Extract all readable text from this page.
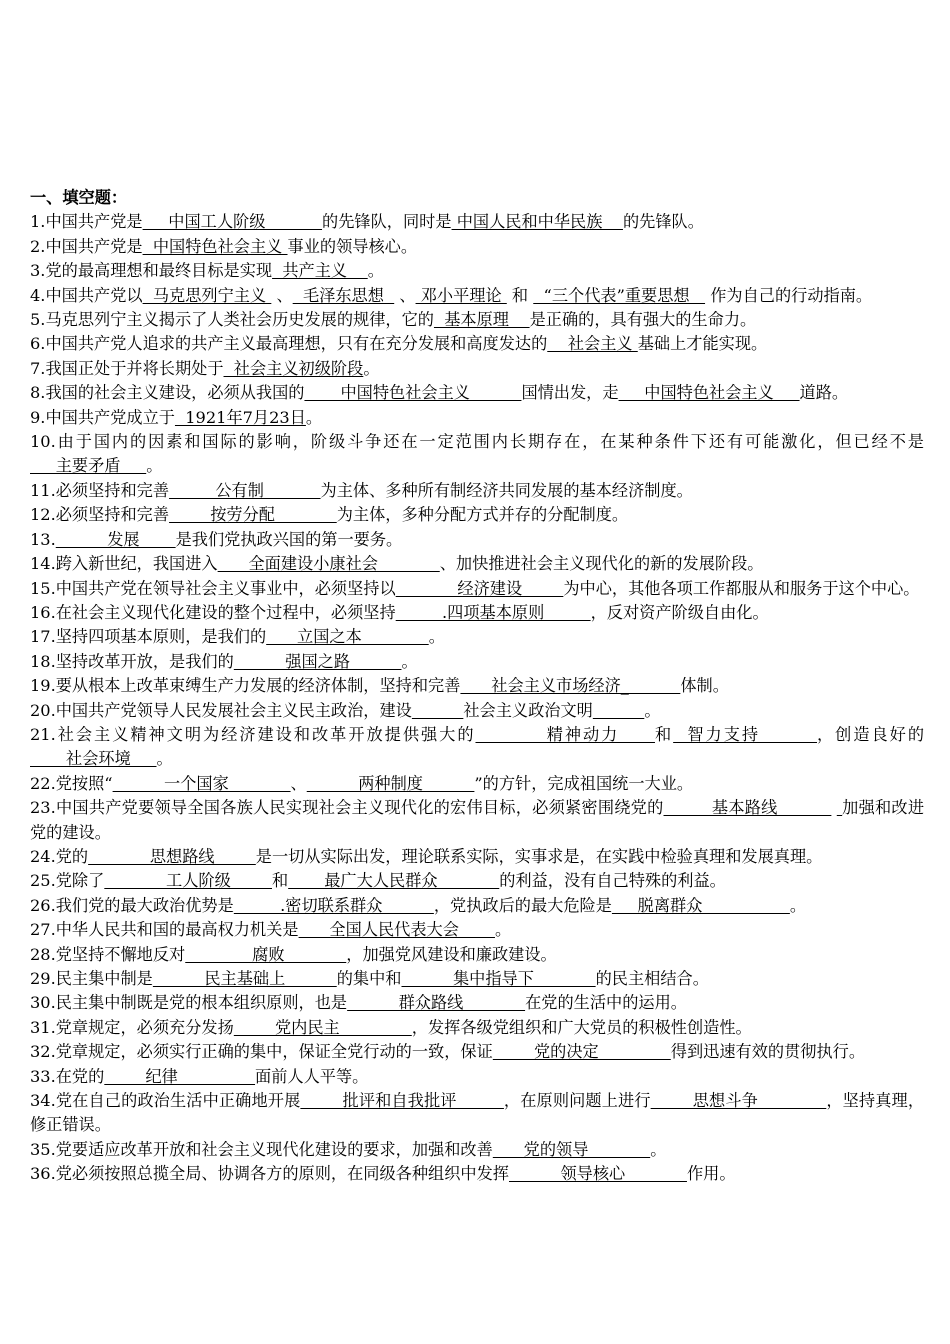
一、填空题：

1.中国共产党是     中国工人阶级           的先锋队，同时是 中国人民和中华民族    的先锋队。

2.中国共产党是  中国特色社会主义 事业的领导核心。

3.党的最高理想和最终目标是实现  共产主义    。

4.中国共产党以  马克思列宁主义  、  毛泽东思想   、 邓小平理论  和   “三个代表”重要思想    作为自己的行动指南。

5.马克思列宁主义揭示了人类社会历史发展的规律，它的  基本原理    是正确的，具有强大的生命力。

6.中国共产党人追求的共产主义最高理想，只有在充分发展和高度发达的    社会主义 基础上才能实现。

7.我国正处于并将长期处于  社会主义初级阶段。

8.我国的社会主义建设，必须从我国的       中国特色社会主义          国情出发，走     中国特色社会主义     道路。

9.中国共产党成立于  1921年7月23日。

10.由于国内的因素和国际的影响，阶级斗争还在一定范围内长期存在，在某种条件下还有可能激化，但已经不是     主要矛盾     。

11.必须坚持和完善         公有制           为主体、多种所有制经济共同发展的基本经济制度。

12.必须坚持和完善        按劳分配            为主体，多种分配方式并存的分配制度。

13.          发展       是我们党执政兴国的第一要务。

14.跨入新世纪，我国进入      全面建设小康社会            、加快推进社会主义现代化的新的发展阶段。

15.中国共产党在领导社会主义事业中，必须坚持以            经济建设        为中心，其他各项工作都服从和服务于这个中心。

16.在社会主义现代化建设的整个过程中，必须坚持         .四项基本原则         ，反对资产阶级自由化。

17.坚持四项基本原则，是我们的      立国之本             。

18.坚持改革开放，是我们的          强国之路          。

19.要从根本上改革束缚生产力发展的经济体制，坚持和完善      社会主义市场经济_          体制。

20.中国共产党领导人民发展社会主义民主政治，建设	社会主义政治文明	。

21.社会主义精神文明为经济建设和改革开放提供强大的          精神动力     和  智力支持        ，创造良好的       社会环境     。

22.党按照“          一个国家            、          两种制度          ”的方针，完成祖国统一大业。

23.中国共产党要领导全国各族人民实现社会主义现代化的宏伟目标，必须紧密围绕党的         基本路线            加强和改进党的建设。

24.党的            思想路线        是一切从实际出发，理论联系实际，实事求是，在实践中检验真理和发展真理。

25.党除了            工人阶级        和       最广大人民群众            的利益，没有自己特殊的利益。

26.我们党的最大政治优势是         .密切联系群众          ，党执政后的最大危险是     脱离群众                 。

27.中华人民共和国的最高权力机关是      全国人民代表大会       。

28.党坚持不懈地反对             腐败            ，加强党风建设和廉政建设。

29.民主集中制是          民主基础上          的集中和          集中指导下            的民主相结合。

30.民主集中制既是党的根本组织原则，也是          群众路线            在党的生活中的运用。

31.党章规定，必须充分发扬        党内民主              ，发挥各级党组织和广大党员的积极性创造性。

32.党章规定，必须实行正确的集中，保证全党行动的一致，保证        党的决定              得到迅速有效的贯彻执行。

33.在党的        纪律               面前人人平等。

34.党在自己的政治生活中正确地开展        批评和自我批评         ，在原则问题上进行        思想斗争             ，坚持真理，修正错误。

35.党要适应改革开放和社会主义现代化建设的要求，加强和改善      党的领导            。

36.党必须按照总揽全局、协调各方的原则，在同级各种组织中发挥          领导核心            作用。
